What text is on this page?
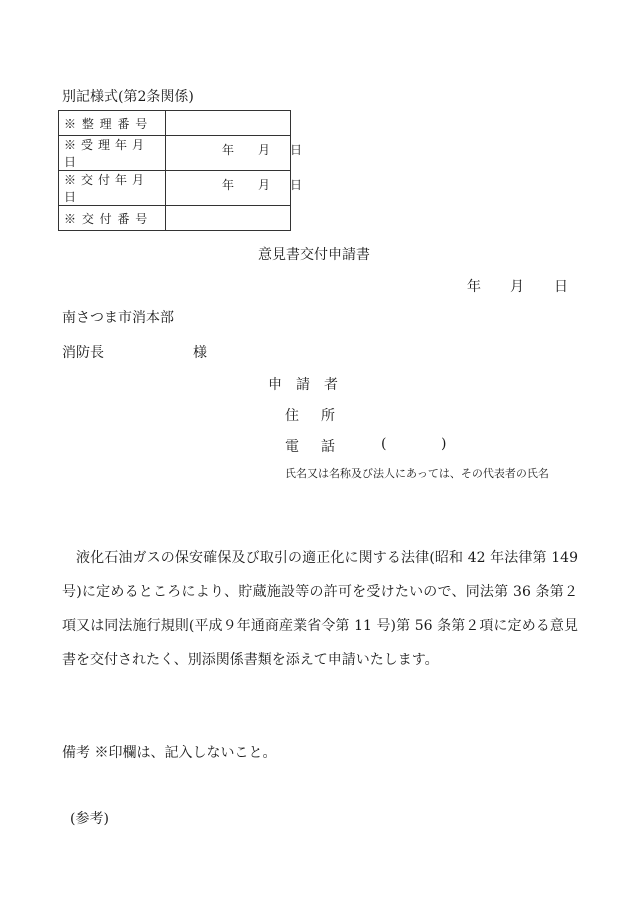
別記様式(第2条関係)
※ 整 理 番 号	
※受理年月日	年 月 日

※交付年月日	年 月 日

※ 交 付 番 号	
意見書交付申請書
年 月 日
南さつま市消本部
消防長	様
申請者
住所
電話 (	)
氏名又は名称及び法人にあっては、その代表者の氏名
液化石油ガスの保安確保及び取引の適正化に関する法律(昭和 42 年法律第 149 号)に定めるところにより、貯蔵施設等の許可を受けたいので、同法第 36 条第２項又は同法施行規則(平成９年通商産業省令第 11 号)第 56 条第２項に定める意見書を交付されたく、別添関係書類を添えて申請いたします。
備考 ※印欄は、記入しないこと。
(参考)
